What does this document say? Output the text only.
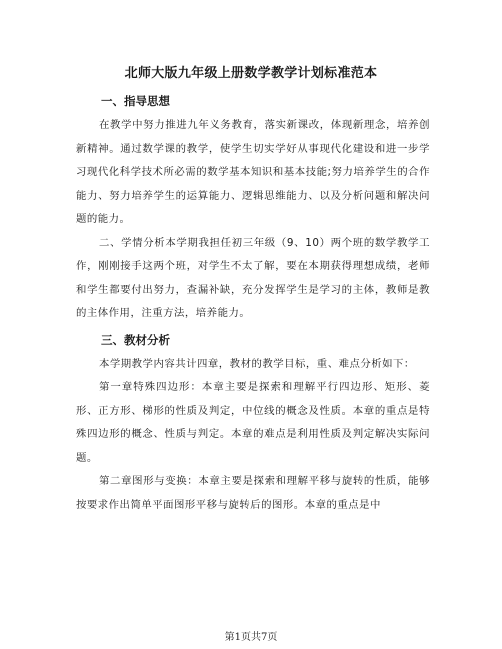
北师大版九年级上册数学教学计划标准范本
一、指导思想

在教学中努力推进九年义务教育，落实新课改，体现新理念，培养创新精神。通过数学课的教学，使学生切实学好从事现代化建设和进一步学习现代化科学技术所必需的数学基本知识和基本技能;努力培养学生的合作能力、努力培养学生的运算能力、逻辑思维能力、以及分析问题和解决问题的能力。

二、学情分析本学期我担任初三年级（9、10）两个班的数学教学工作，刚刚接手这两个班，对学生不太了解，要在本期获得理想成绩，老师和学生都要付出努力，查漏补缺，充分发挥学生是学习的主体，教师是教的主体作用，注重方法，培养能力。

三、教材分析

本学期教学内容共计四章，教材的教学目标，重、难点分析如下：

第一章特殊四边形：本章主要是探索和理解平行四边形、矩形、菱形、正方形、梯形的性质及判定，中位线的概念及性质。本章的重点是特殊四边形的概念、性质与判定。本章的难点是利用性质及判定解决实际问题。

第二章图形与变换：本章主要是探索和理解平移与旋转的性质，能够按要求作出简单平面图形平移与旋转后的图形。本章的重点是中

第1页共7页
